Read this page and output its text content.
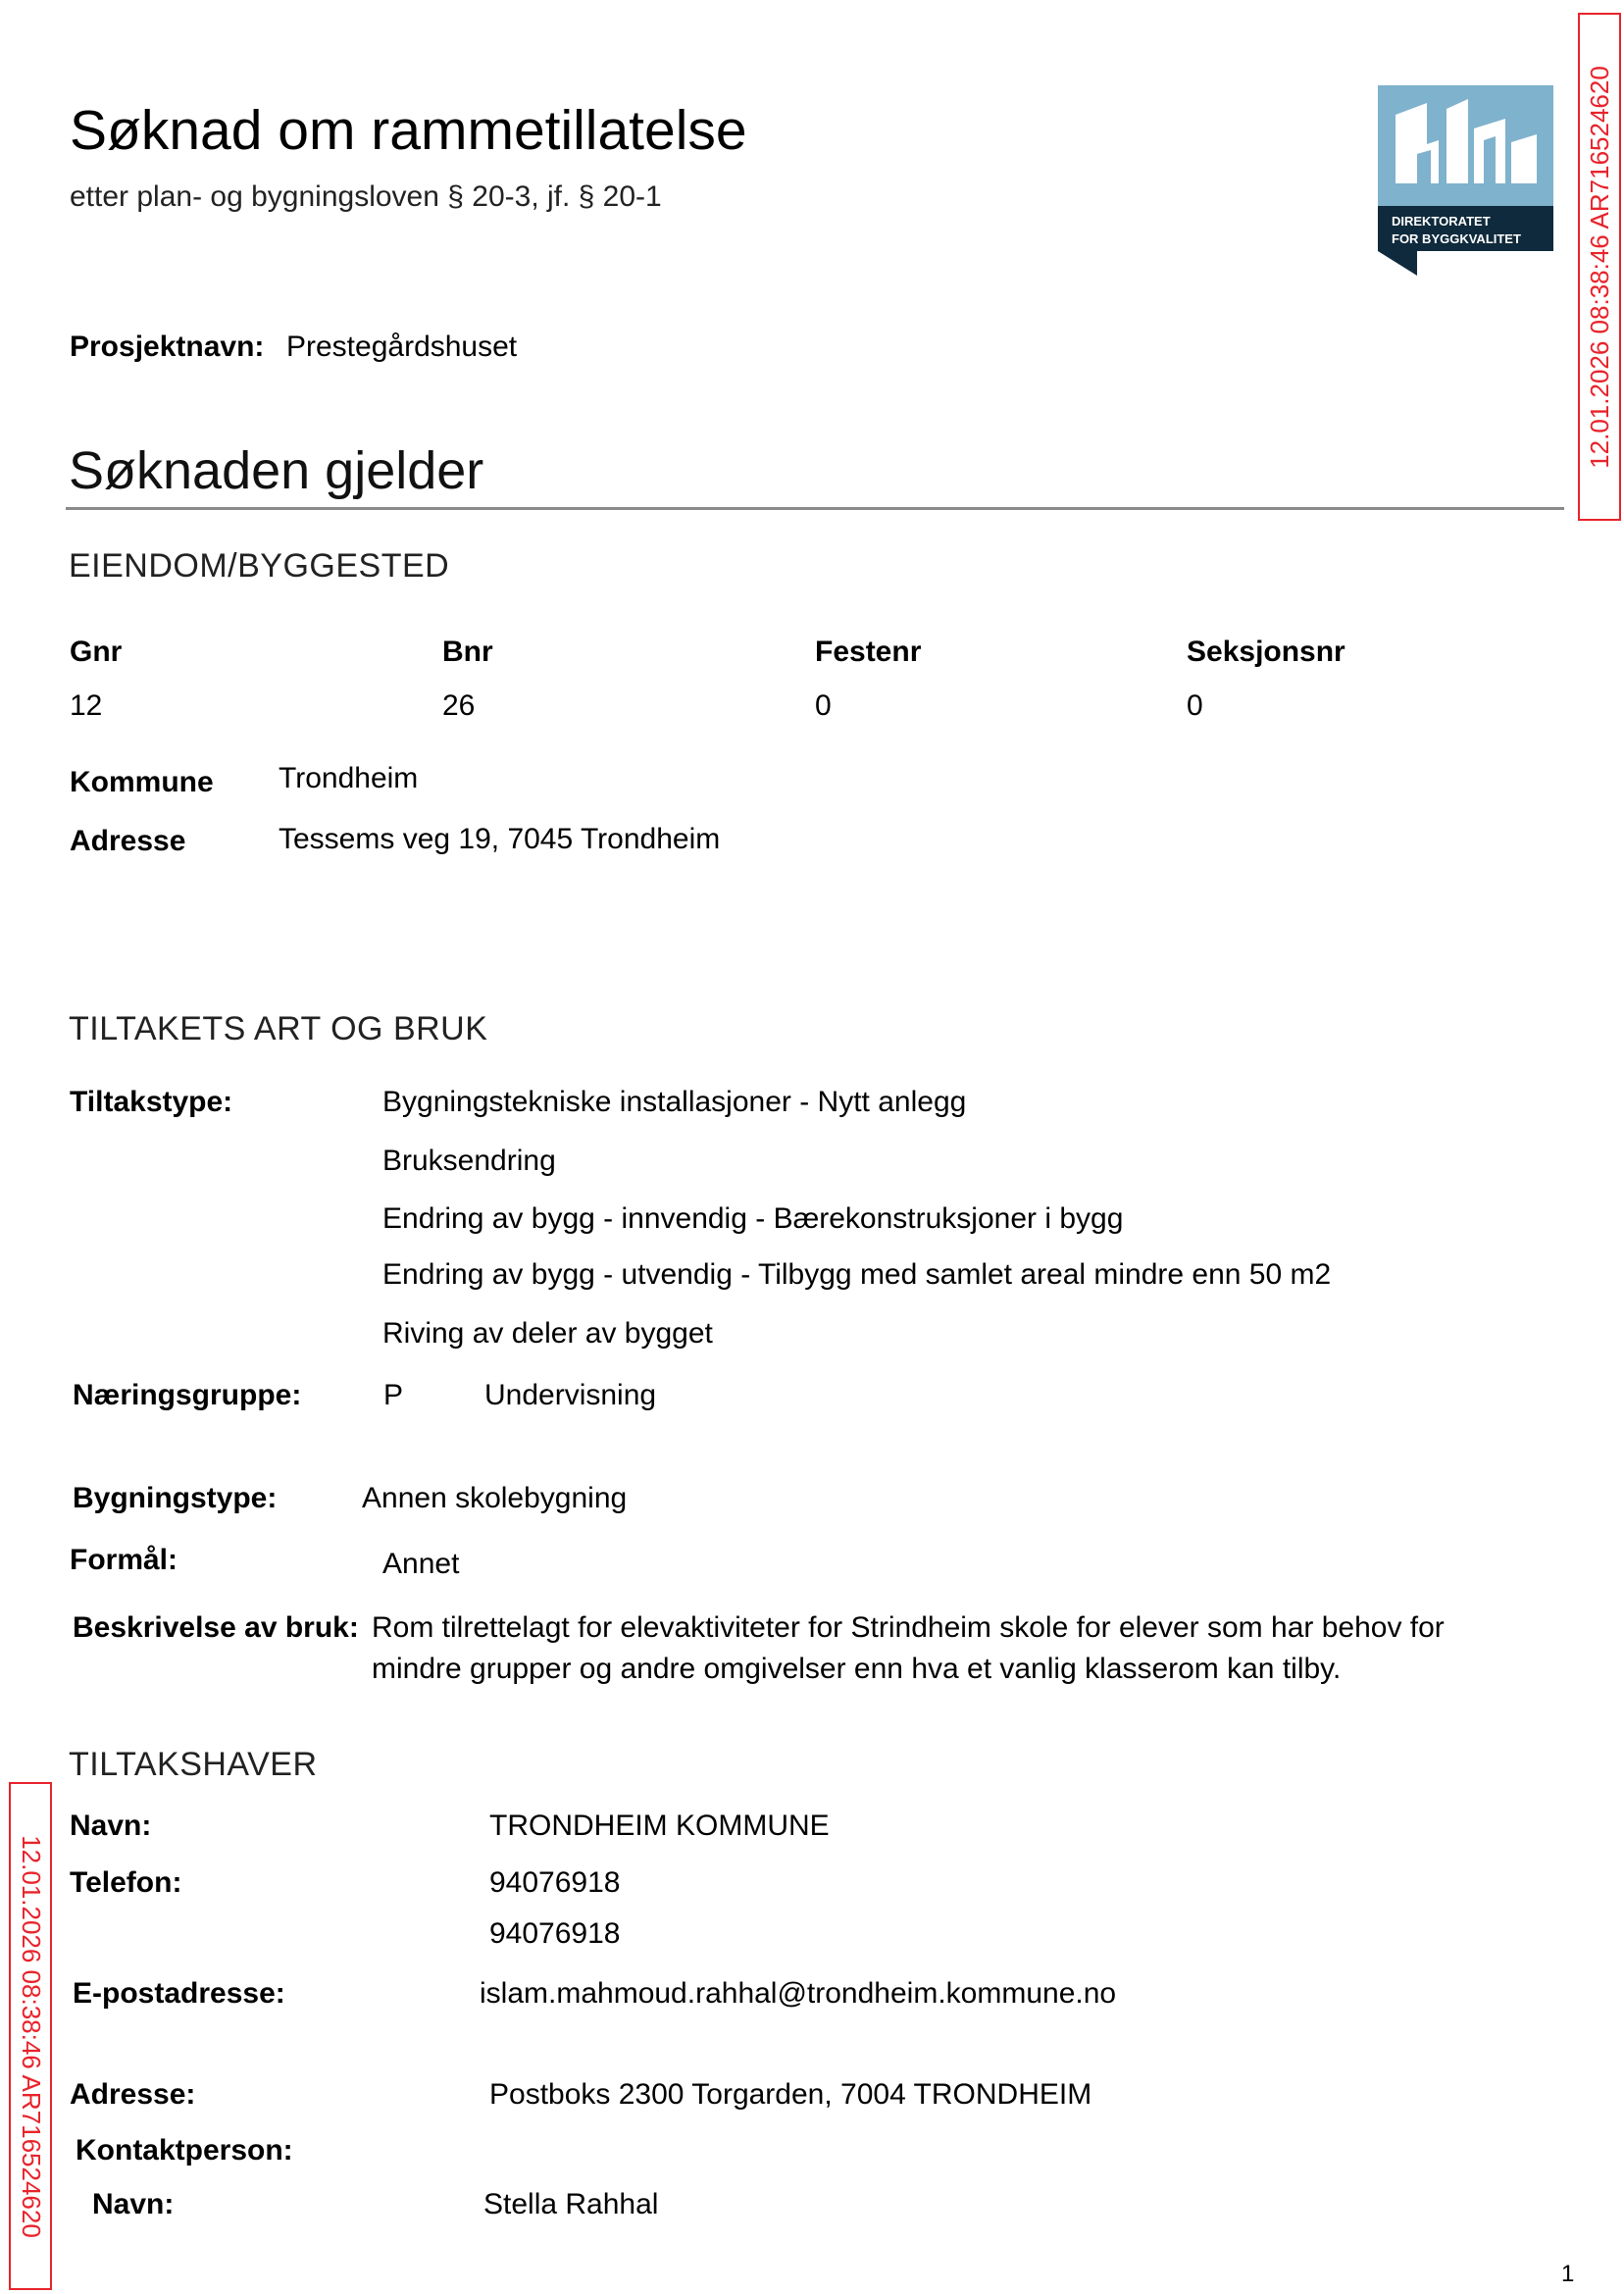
Søknad om rammetillatelse
etter plan- og bygningsloven § 20-3, jf. § 20-1
DIREKTORATET
FOR BYGGKVALITET 12.01.2026 08:38:46 AR716524620
12.01.2026 08:38:46 AR716524620
Prosjektnavn: Prestegårdshuset
Søknaden gjelder
EIENDOM/BYGGESTED
Gnr	Bnr	Festenr	Seksjonsnr
12	26	0	0
Kommune Trondheim
Adresse	Tessems veg 19, 7045 Trondheim
TILTAKETS ART OG BRUK
Tiltakstype:	Bygningstekniske installasjoner - Nytt anlegg
Bruksendring
Endring av bygg - innvendig - Bærekonstruksjoner i bygg
Endring av bygg - utvendig - Tilbygg med samlet areal mindre enn 50 m2
Riving av deler av bygget
Næringsgruppe:	P	Undervisning
Bygningstype:	Annen skolebygning
Formål:	Annet
Beskrivelse av bruk: Rom tilrettelagt for elevaktiviteter for Strindheim skole for elever som har behov for
mindre grupper og andre omgivelser enn hva et vanlig klasserom kan tilby.
TILTAKSHAVER
Navn:	TRONDHEIM KOMMUNE
Telefon:	94076918
94076918
E-postadresse:	islam.mahmoud.rahhal@trondheim.kommune.no
Adresse:	Postboks 2300 Torgarden, 7004 TRONDHEIM
Kontaktperson:
Navn:	Stella Rahhal
1
